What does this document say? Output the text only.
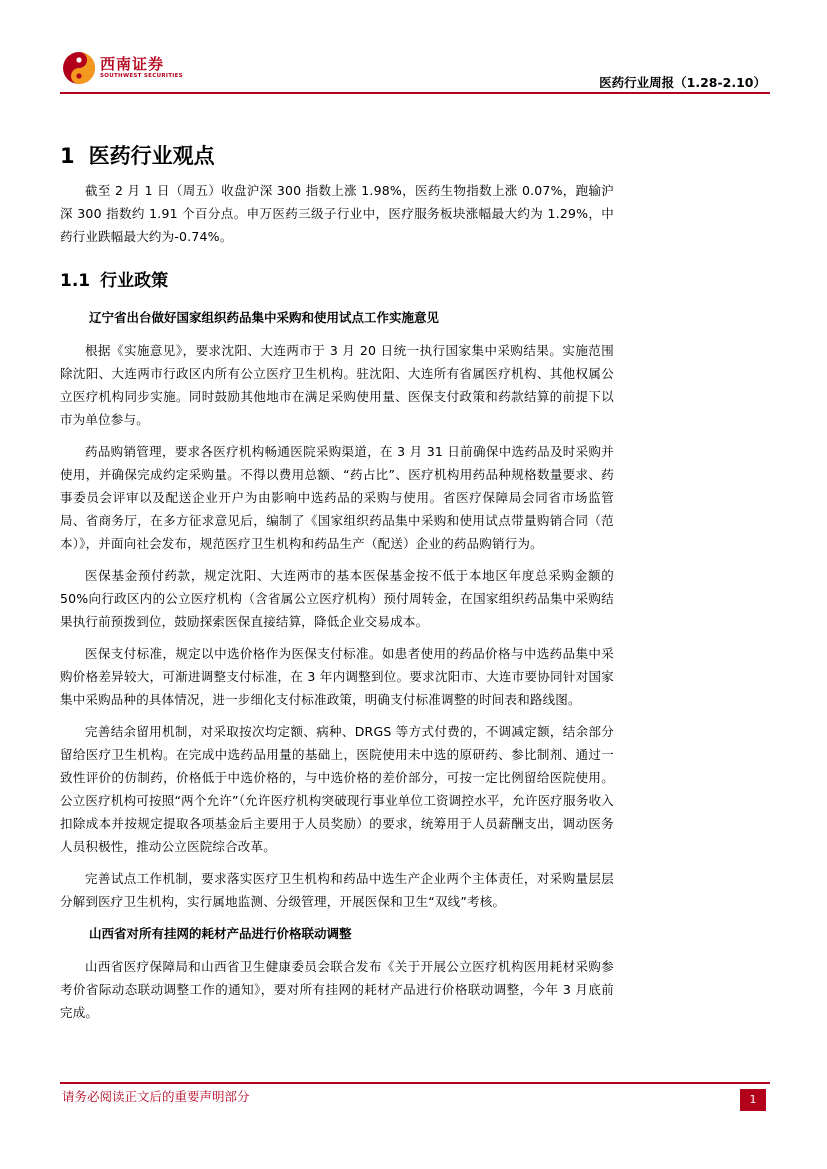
西南证券
SOUTHWEST SECURITIES	医药行业周报（1.28-2.10）
1 医药行业观点

截至 2 月 1 日（周五）收盘沪深 300 指数上涨 1.98%，医药生物指数上涨 0.07%，跑输沪深 300 指数约 1.91 个百分点。申万医药三级子行业中，医疗服务板块涨幅最大约为 1.29%，中药行业跌幅最大约为-0.74%。

1.1 行业政策
辽宁省出台做好国家组织药品集中采购和使用试点工作实施意见

根据《实施意见》，要求沈阳、大连两市于 3 月 20 日统一执行国家集中采购结果。实施范围除沈阳、大连两市行政区内所有公立医疗卫生机构。驻沈阳、大连所有省属医疗机构、其他权属公立医疗机构同步实施。同时鼓励其他地市在满足采购使用量、医保支付政策和药款结算的前提下以市为单位参与。

药品购销管理，要求各医疗机构畅通医院采购渠道，在 3 月 31 日前确保中选药品及时采购并使用，并确保完成约定采购量。不得以费用总额、“药占比”、医疗机构用药品种规格数量要求、药事委员会评审以及配送企业开户为由影响中选药品的采购与使用。省医疗保障局会同省市场监管局、省商务厅，在多方征求意见后，编制了《国家组织药品集中采购和使用试点带量购销合同（范本）》，并面向社会发布，规范医疗卫生机构和药品生产（配送）企业的药品购销行为。

医保基金预付药款，规定沈阳、大连两市的基本医保基金按不低于本地区年度总采购金额的 50%向行政区内的公立医疗机构（含省属公立医疗机构）预付周转金，在国家组织药品集中采购结果执行前预拨到位，鼓励探索医保直接结算，降低企业交易成本。

医保支付标准，规定以中选价格作为医保支付标准。如患者使用的药品价格与中选药品集中采购价格差异较大，可渐进调整支付标准，在 3 年内调整到位。要求沈阳市、大连市要协同针对国家集中采购品种的具体情况，进一步细化支付标准政策，明确支付标准调整的时间表和路线图。

完善结余留用机制，对采取按次均定额、病种、DRGS 等方式付费的，不调减定额，结余部分留给医疗卫生机构。在完成中选药品用量的基础上，医院使用未中选的原研药、参比制剂、通过一致性评价的仿制药，价格低于中选价格的，与中选价格的差价部分，可按一定比例留给医院使用。公立医疗机构可按照“两个允许”（允许医疗机构突破现行事业单位工资调控水平，允许医疗服务收入扣除成本并按规定提取各项基金后主要用于人员奖励）的要求，统筹用于人员薪酬支出，调动医务人员积极性，推动公立医院综合改革。

完善试点工作机制，要求落实医疗卫生机构和药品中选生产企业两个主体责任，对采购量层层分解到医疗卫生机构，实行属地监测、分级管理，开展医保和卫生“双线”考核。

山西省对所有挂网的耗材产品进行价格联动调整

山西省医疗保障局和山西省卫生健康委员会联合发布《关于开展公立医疗机构医用耗材采购参考价省际动态联动调整工作的通知》，要对所有挂网的耗材产品进行价格联动调整，今年 3 月底前完成。

请务必阅读正文后的重要声明部分	1
